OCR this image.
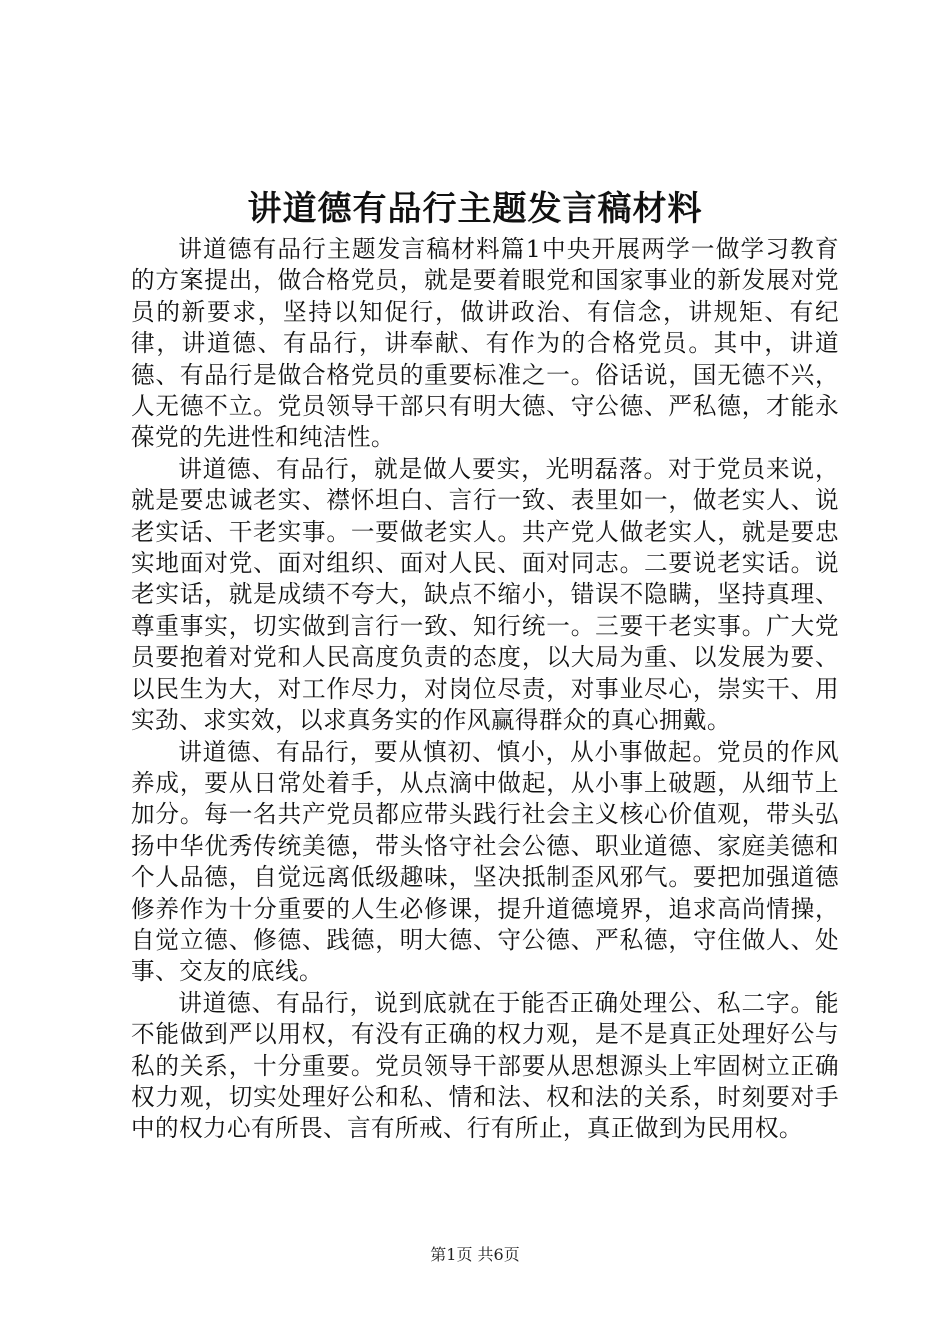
讲道德有品行主题发言稿材料

讲道德有品行主题发言稿材料篇1中央开展两学一做学习教育的方案提出，做合格党员，就是要着眼党和国家事业的新发展对党员的新要求，坚持以知促行，做讲政治、有信念，讲规矩、有纪律，讲道德、有品行，讲奉献、有作为的合格党员。其中，讲道德、有品行是做合格党员的重要标准之一。俗话说，国无德不兴，人无德不立。党员领导干部只有明大德、守公德、严私德，才能永葆党的先进性和纯洁性。

讲道德、有品行，就是做人要实，光明磊落。对于党员来说，就是要忠诚老实、襟怀坦白、言行一致、表里如一，做老实人、说老实话、干老实事。一要做老实人。共产党人做老实人，就是要忠实地面对党、面对组织、面对人民、面对同志。二要说老实话。说老实话，就是成绩不夸大，缺点不缩小，错误不隐瞒，坚持真理、尊重事实，切实做到言行一致、知行统一。三要干老实事。广大党员要抱着对党和人民高度负责的态度，以大局为重、以发展为要、以民生为大，对工作尽力，对岗位尽责，对事业尽心，崇实干、用实劲、求实效，以求真务实的作风赢得群众的真心拥戴。

讲道德、有品行，要从慎初、慎小，从小事做起。党员的作风养成，要从日常处着手，从点滴中做起，从小事上破题，从细节上加分。每一名共产党员都应带头践行社会主义核心价值观，带头弘扬中华优秀传统美德，带头恪守社会公德、职业道德、家庭美德和个人品德，自觉远离低级趣味，坚决抵制歪风邪气。要把加强道德修养作为十分重要的人生必修课，提升道德境界，追求高尚情操，自觉立德、修德、践德，明大德、守公德、严私德，守住做人、处事、交友的底线。

讲道德、有品行，说到底就在于能否正确处理公、私二字。能不能做到严以用权，有没有正确的权力观，是不是真正处理好公与私的关系，十分重要。党员领导干部要从思想源头上牢固树立正确权力观，切实处理好公和私、情和法、权和法的关系，时刻要对手中的权力心有所畏、言有所戒、行有所止，真正做到为民用权。

第1页 共6页
